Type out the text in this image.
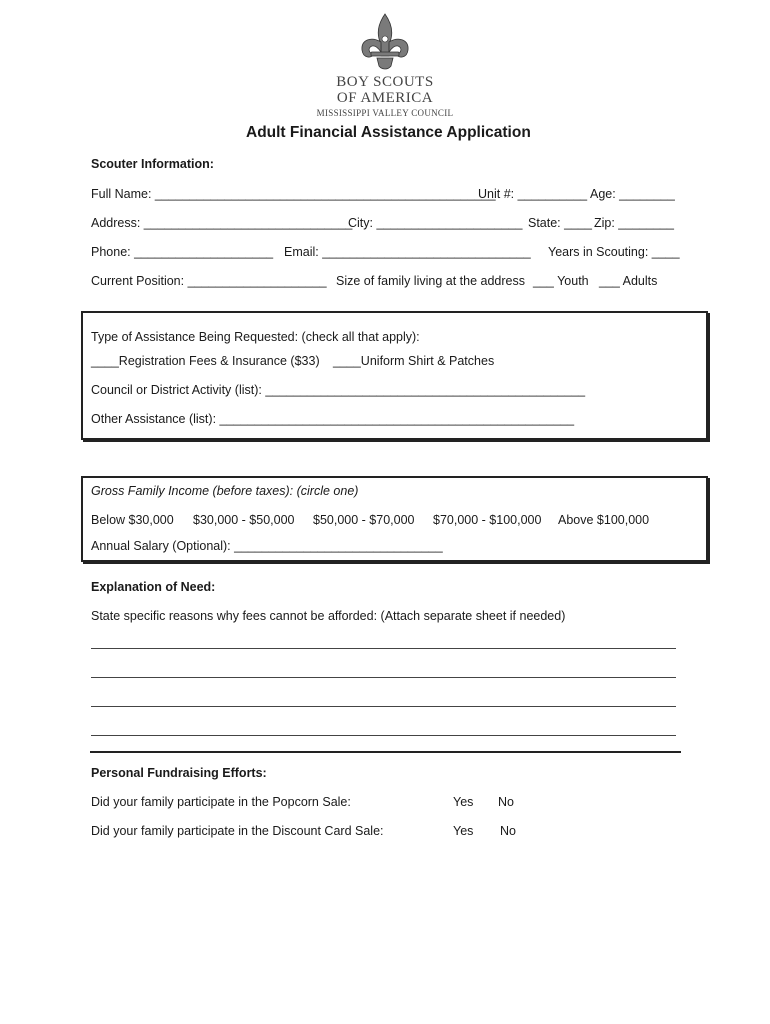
BOY SCOUTS
OF AMERICA
MISSISSIPPI VALLEY COUNCIL
Adult Financial Assistance Application
Scouter Information:
Full Name: _________________________________________________
Unit #: __________ Age: ________
Address: ______________________________
City: _____________________ State: ____ Zip: ________
Phone: ____________________ Email: ______________________________ Years in Scouting: ____
Current Position: ____________________ Size of family living at the address ___ Youth ___ Adults
Type of Assistance Being Requested: (check all that apply):
____Registration Fees & Insurance ($33) ____Uniform Shirt & Patches
Council or District Activity (list): ______________________________________________
Other Assistance (list): ___________________________________________________
Gross Family Income (before taxes): (circle one)
Below $30,000 $30,000 - $50,000 $50,000 - $70,000 $70,000 - $100,000 Above $100,000
Annual Salary (Optional): ______________________________
Explanation of Need:
State specific reasons why fees cannot be afforded: (Attach separate sheet if needed)
Personal Fundraising Efforts:
Did your family participate in the Popcorn Sale:	Yes No
Did your family participate in the Discount Card Sale:	Yes No
